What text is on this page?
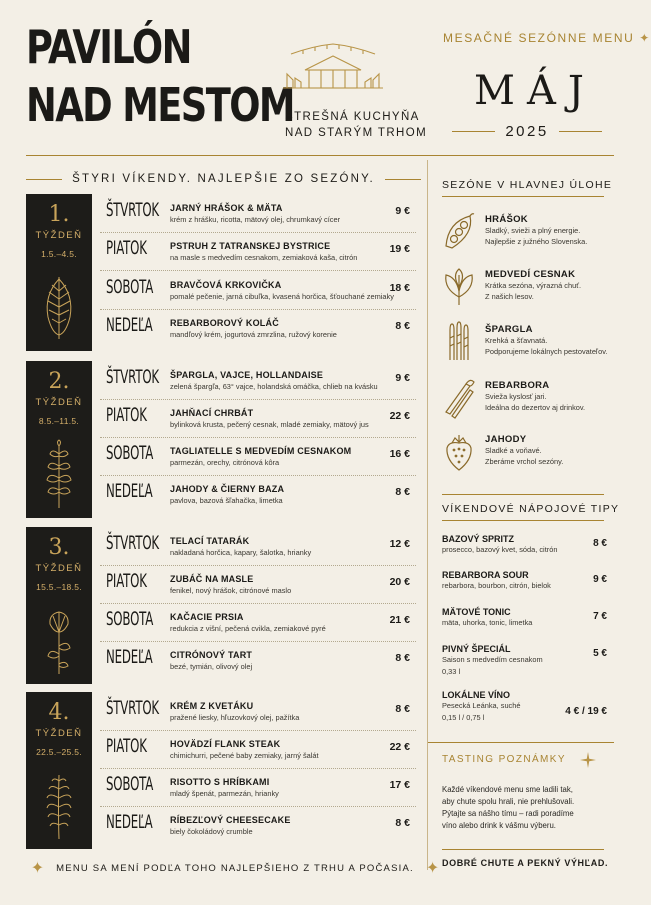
PAVILÓN
NAD MESTOM
STREŠNÁ KUCHYŇA
NAD STARÝM TRHOM
MESAČNÉ SEZÓNNE MENU ✦
MÁJ
2025
ŠTYRI VÍKENDY. NAJLEPŠIE ZO SEZÓNY.
1.
TÝŽDEŇ
1.5.–4.5.
ŠTVRTOK JARNÝ HRÁŠOK & MÄTA
krém z hrášku, ricotta, mätový olej, chrumkavý cícer
9 €
PIATOK	PSTRUH Z TATRANSKEJ BYSTRICE
na masle s medvedím cesnakom, zemiaková kaša, citrón
19 €
SOBOTA BRAVČOVÁ KRKOVIČKA
pomalé pečenie, jarná cibuľka, kvasená horčica, šťouchané zemiaky
18 €
NEDEĽA REBARBOROVÝ KOLÁČ
mandľový krém, jogurtová zmrzlina, ružový korenie
8 €
2.
TÝŽDEŇ
8.5.–11.5.
ŠTVRTOK ŠPARGLA, VAJCE, HOLLANDAISE
zelená špargľa, 63° vajce, holandská omáčka, chlieb na kvásku
9 €
PIATOK	JAHŇACÍ CHRBÁT
bylinková krusta, pečený cesnak, mladé zemiaky, mätový jus
22 €
SOBOTA TAGLIATELLE S MEDVEDÍM CESNAKOM
parmezán, orechy, citrónová kôra
16 €
NEDEĽA JAHODY & ČIERNY BAZA
pavlova, bazová šľahačka, limetka
8 €
3.
TÝŽDEŇ
15.5.–18.5.
ŠTVRTOK TELACÍ TATARÁK
nakladaná horčica, kapary, šalotka, hrianky
12 €
PIATOK	ZUBÁČ NA MASLE
fenikel, nový hrášok, citrónové maslo
20 €
SOBOTA KAČACIE PRSIA
redukcia z višní, pečená cvikla, zemiakové pyré
21 €
NEDEĽA CITRÓNOVÝ TART
bezé, tymián, olivový olej
8 €
4.
TÝŽDEŇ
22.5.–25.5.
ŠTVRTOK KRÉM Z KVETÁKU
pražené liesky, hľuzovkový olej, pažítka
8 €
PIATOK	HOVÄDZÍ FLANK STEAK
chimichurri, pečené baby zemiaky, jarný šalát
22 €
SOBOTA RISOTTO S HRÍBKAMI
mladý špenát, parmezán, hrianky
17 €
NEDEĽA RÍBEZĽOVÝ CHEESECAKE
biely čokoládový crumble
8 €
✦ MENU SA MENÍ PODĽA TOHO NAJLEPŠIEHO Z TRHU A POČASIA. ✦
SEZÓNE V HLAVNEJ ÚLOHE
HRÁŠOK
Sladký, svieži a plný energie.
Najlepšie z južného Slovenska.
MEDVEDÍ CESNAK
Krátka sezóna, výrazná chuť.
Z našich lesov.
ŠPARGLA
Krehká a šťavnatá.
Podporujeme lokálnych pestovateľov.
REBARBORA
Svieža kyslosť jari.
Ideálna do dezertov aj drinkov.
JAHODY
Sladké a voňavé.
Zberáme vrchol sezóny.
VÍKENDOVÉ NÁPOJOVÉ TIPY
BAZOVÝ SPRITZ
prosecco, bazový kvet, sóda, citrón
8 €
REBARBORA SOUR
rebarbora, bourbon, citrón, bielok
9 €
MÄTOVÉ TONIC
mäta, uhorka, tonic, limetka
7 €
PIVNÝ ŠPECIÁL
Saison s medvedím cesnakom
0,33 l
5 €
LOKÁLNE VÍNO
Pesecká Leánka, suché
0,15 l / 0,75 l	4 € / 19 €
TASTING POZNÁMKY
Každé víkendové menu sme ladili tak,
aby chute spolu hrali, nie prehlušovali.
Pýtajte sa nášho tímu – radi poradíme
víno alebo drink k vášmu výberu.
DOBRÉ CHUTE A PEKNÝ VÝHĽAD.
